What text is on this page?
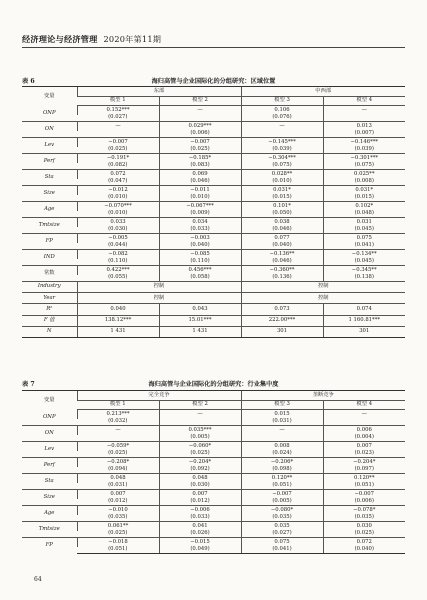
经济理论与经济管理 2020年第11期
表 6	海归高管与企业国际化的分组研究：区域位置
变量	东部		中西部	
	模型 1	模型 2	模型 3	模型 4
ONP	0.152***	—	0.106	—
	(0.027)		(0.076)	
ON	—	0.029***	—	0.013
		(0.006)		(0.007)
Lev	−0.007	−0.007	−0.145***	−0.146***
	(0.025)	(0.025)	(0.039)	(0.039)
Perf	−0.191*	−0.185*	−0.304***	−0.301***
	(0.082)	(0.083)	(0.075)	(0.075)
Sta	0.072	0.069	0.028**	0.025**
	(0.047)	(0.046)	(0.010)	(0.008)
Size	−0.012	−0.011	0.031*	0.031*
	(0.010)	(0.010)	(0.015)	(0.015)
Age	−0.070***	−0.067***	0.101*	0.102*
	(0.010)	(0.009)	(0.050)	(0.048)
Tmtsize	0.033	0.034	0.038	0.031
	(0.030)	(0.033)	(0.046)	(0.045)
FP	−0.005	−0.003	0.077	0.075
	(0.044)	(0.040)	(0.040)	(0.041)
IND	−0.082	−0.085	−0.136**	−0.134**
	(0.110)	(0.110)	(0.046)	(0.045)
常数	0.422***	0.456***	−0.360**	−0.345**
	(0.055)	(0.058)	(0.136)	(0.138)
Industry	控制		控制	
Year	控制		控制	
R²	0.040	0.043	0.073	0.074
F 值	138.12***	15.01***	222.00***	1 160.81***
N	1 431	1 431	301	301
表 7	海归高管与企业国际化的分组研究：行业集中度
变量	完全竞争		垄断竞争	
	模型 1	模型 2	模型 3	模型 4
ONP	0.213***	—	0.015	—
	(0.032)		(0.031)	
ON	—	0.035***	—	0.006
		(0.005)		(0.004)
Lev	−0.059*	−0.060*	0.008	0.007
	(0.025)	(0.025)	(0.024)	(0.023)
Perf	−0.208*	−0.204*	−0.206*	−0.204*
	(0.094)	(0.092)	(0.098)	(0.097)
Sta	0.048	0.048	0.120**	0.120**
	(0.031)	(0.030)	(0.051)	(0.051)
Size	0.007	0.007	−0.007	−0.007
	(0.012)	(0.012)	(0.005)	(0.006)
Age	−0.010	−0.006	−0.080*	−0.078*
	(0.035)	(0.033)	(0.035)	(0.035)
Tmtsize	0.061**	0.041	0.035	0.030
	(0.025)	(0.026)	(0.027)	(0.025)
FP	−0.018	−0.015	0.075	0.072
	(0.051)	(0.049)	(0.041)	(0.040)
64
